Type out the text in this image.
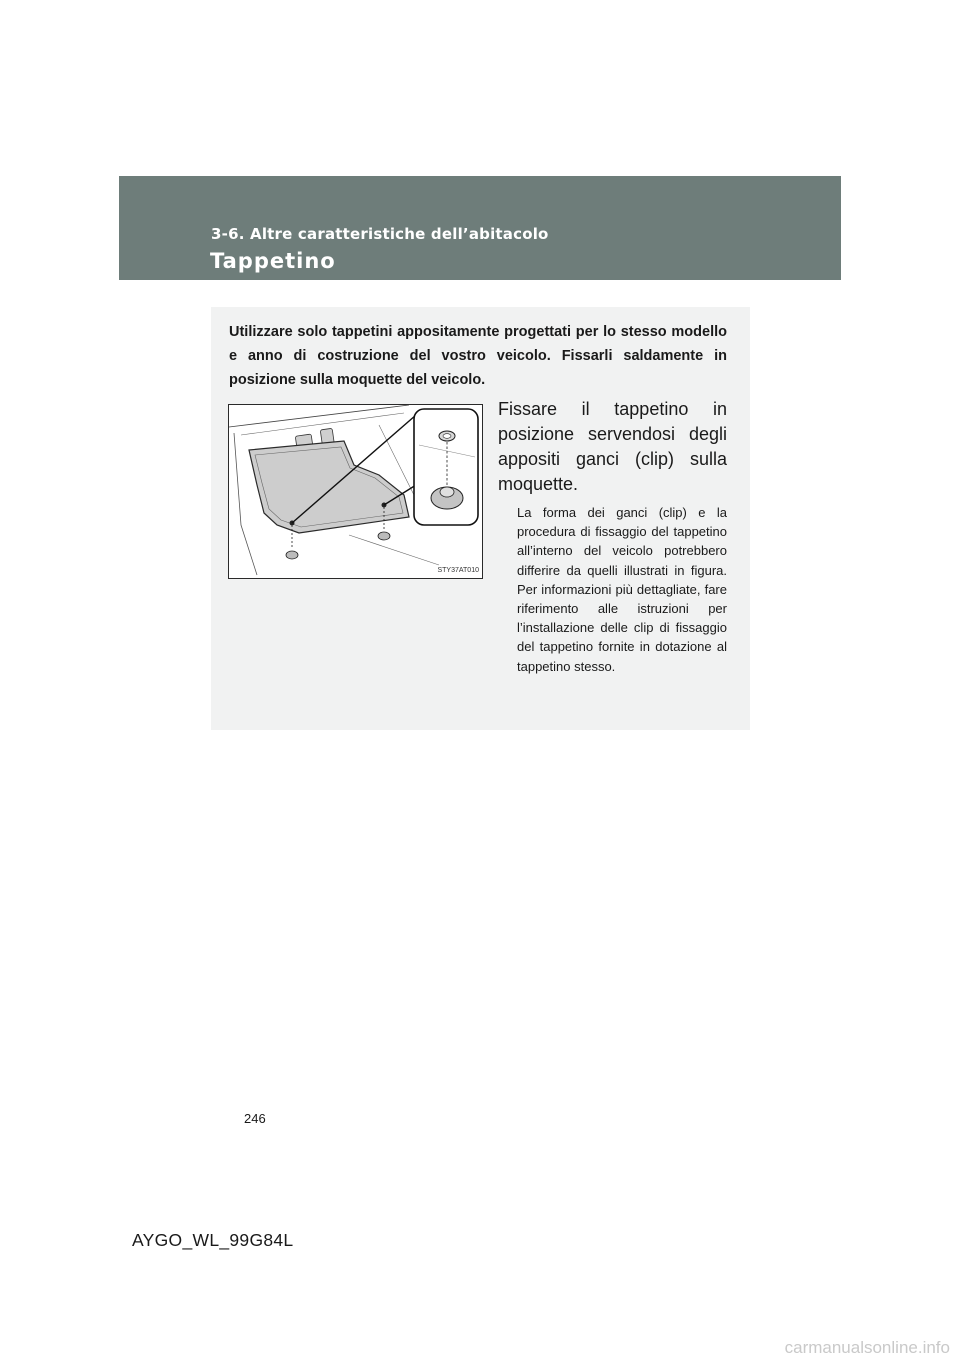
3-6. Altre caratteristiche dell’abitacolo
Tappetino

Utilizzare solo tappetini appositamente progettati per lo stesso modello e anno di costruzione del vostro veicolo. Fissarli saldamente in posizione sulla moquette del veicolo.

STY37AT010

Fissare il tappetino in posizione servendosi degli appositi ganci (clip) sulla moquette.

La forma dei ganci (clip) e la procedura di fissaggio del tappetino all’interno del veicolo potrebbero differire da quelli illustrati in figura. Per informazioni più dettagliate, fare riferimento alle istruzioni per l’installazione delle clip di fissaggio del tappetino fornite in dotazione al tappetino stesso.

246
AYGO_WL_99G84L
carmanualsonline.info
